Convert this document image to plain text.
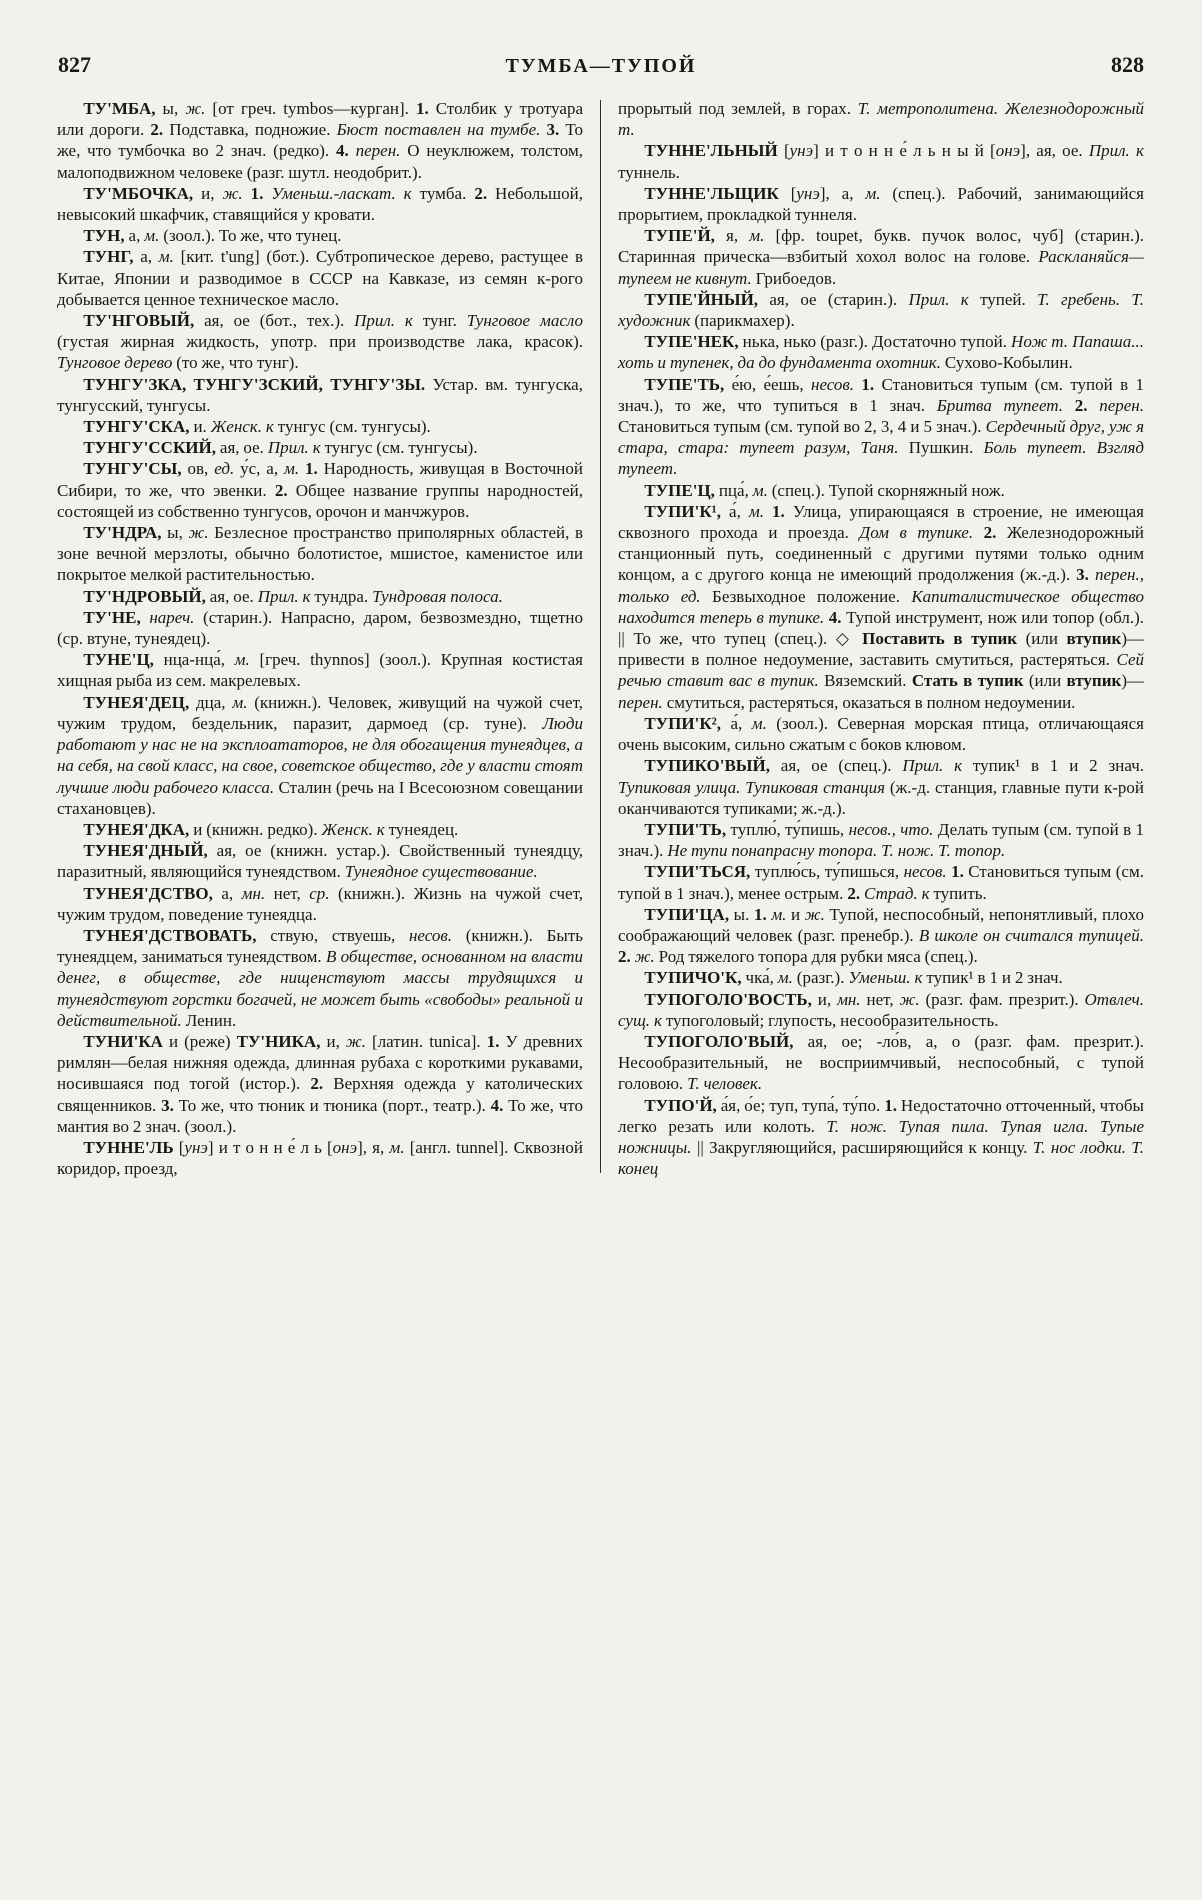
827	ТУМБА—ТУПОЙ	828

ТУ'МБА, ы, ж. [от греч. tymbos—курган]. 1. Столбик у тротуара или дороги. 2. Подставка, подножие. Бюст поставлен на тумбе. 3. То же, что тумбочка во 2 знач. (редко). 4. перен. О неуклюжем, толстом, малоподвижном человеке (разг. шутл. неодобрит.).

ТУ'МБОЧКА, и, ж. 1. Уменьш.-ласкат. к тумба. 2. Небольшой, невысокий шкафчик, ставящийся у кровати.

ТУН, а, м. (зоол.). То же, что тунец.

ТУНГ, а, м. [кит. t'ung] (бот.). Субтропическое дерево, растущее в Китае, Японии и разводимое в СССР на Кавказе, из семян к-рого добывается ценное техническое масло.

ТУ'НГОВЫЙ, ая, ое (бот., тех.). Прил. к тунг. Тунговое масло (густая жирная жидкость, употр. при производстве лака, красок). Тунговое дерево (то же, что тунг).

ТУНГУ'ЗКА, ТУНГУ'ЗСКИЙ, ТУНГУ'ЗЫ. Устар. вм. тунгуска, тунгусский, тунгусы.

ТУНГУ'СКА, и. Женск. к тунгус (см. тунгусы).

ТУНГУ'ССКИЙ, ая, ое. Прил. к тунгус (см. тунгусы).

ТУНГУ'СЫ, ов, ед. у́с, а, м. 1. Народность, живущая в Восточной Сибири, то же, что эвенки. 2. Общее название группы народностей, состоящей из собственно тунгусов, орочон и манчжуров.

ТУ'НДРА, ы, ж. Безлесное пространство приполярных областей, в зоне вечной мерзлоты, обычно болотистое, мшистое, каменистое или покрытое мелкой растительностью.

ТУ'НДРОВЫЙ, ая, ое. Прил. к тундра. Тундровая полоса.

ТУ'НЕ, нареч. (старин.). Напрасно, даром, безвозмездно, тщетно (ср. втуне, тунеядец).

ТУНЕ'Ц, нца-нца́, м. [греч. thynnos] (зоол.). Крупная костистая хищная рыба из сем. макрелевых.

ТУНЕЯ'ДЕЦ, дца, м. (книжн.). Человек, живущий на чужой счет, чужим трудом, бездельник, паразит, дармоед (ср. туне). Люди работают у нас не на эксплоататоров, не для обогащения тунеядцев, а на себя, на свой класс, на свое, советское общество, где у власти стоят лучшие люди рабочего класса. Сталин (речь на I Всесоюзном совещании стахановцев).

ТУНЕЯ'ДКА, и (книжн. редко). Женск. к тунеядец.

ТУНЕЯ'ДНЫЙ, ая, ое (книжн. устар.). Свойственный тунеядцу, паразитный, являющийся тунеядством. Тунеядное существование.

ТУНЕЯ'ДСТВО, а, мн. нет, ср. (книжн.). Жизнь на чужой счет, чужим трудом, поведение тунеядца.

ТУНЕЯ'ДСТВОВАТЬ, ствую, ствуешь, несов. (книжн.). Быть тунеядцем, заниматься тунеядством. В обществе, основанном на власти денег, в обществе, где нищенствуют массы трудящихся и тунеядствуют горстки богачей, не может быть «свободы» реальной и действительной. Ленин.

ТУНИ'КА и (реже) ТУ'НИКА, и, ж. [латин. tunica]. 1. У древних римлян—белая нижняя одежда, длинная рубаха с короткими рукавами, носившаяся под тогой (истор.). 2. Верхняя одежда у католических священников. 3. То же, что тюник и тюника (порт., театр.). 4. То же, что мантия во 2 знач. (зоол.).

ТУННЕ'ЛЬ [унэ] и т о н н е́ л ь [онэ], я, м. [англ. tunnel]. Сквозной коридор, проезд,

прорытый под землей, в горах. Т. метрополитена. Железнодорожный т.

ТУННЕ'ЛЬНЫЙ [унэ] и т о н н е́ л ь н ы й [онэ], ая, ое. Прил. к туннель.

ТУННЕ'ЛЬЩИК [унэ], а, м. (спец.). Рабочий, занимающийся прорытием, прокладкой туннеля.

ТУПЕ'Й, я, м. [фр. toupet, букв. пучок волос, чуб] (старин.). Старинная прическа—взбитый хохол волос на голове. Раскланяйся—тупеем не кивнут. Грибоедов.

ТУПЕ'ЙНЫЙ, ая, ое (старин.). Прил. к тупей. Т. гребень. Т. художник (парикмахер).

ТУПЕ'НЕК, нька, нько (разг.). Достаточно тупой. Нож т. Папаша... хоть и тупенек, да до фундамента охотник. Сухово-Кобылин.

ТУПЕ'ТЬ, е́ю, е́ешь, несов. 1. Становиться тупым (см. тупой в 1 знач.), то же, что тупиться в 1 знач. Бритва тупеет. 2. перен. Становиться тупым (см. тупой во 2, 3, 4 и 5 знач.). Сердечный друг, уж я стара, стара: тупеет разум, Таня. Пушкин. Боль тупеет. Взгляд тупеет.

ТУПЕ'Ц, пца́, м. (спец.). Тупой скорняжный нож.

ТУПИ'К¹, а́, м. 1. Улица, упирающаяся в строение, не имеющая сквозного прохода и проезда. Дом в тупике. 2. Железнодорожный станционный путь, соединенный с другими путями только одним концом, а с другого конца не имеющий продолжения (ж.-д.). 3. перен., только ед. Безвыходное положение. Капиталистическое общество находится теперь в тупике. 4. Тупой инструмент, нож или топор (обл.). || То же, что тупец (спец.). ◇ Поставить в тупик (или втупик)—привести в полное недоумение, заставить смутиться, растеряться. Сей речью ставит вас в тупик. Вяземский. Стать в тупик (или втупик)—перен. смутиться, растеряться, оказаться в полном недоумении.

ТУПИ'К², а́, м. (зоол.). Северная морская птица, отличающаяся очень высоким, сильно сжатым с боков клювом.

ТУПИКО'ВЫЙ, ая, ое (спец.). Прил. к тупик¹ в 1 и 2 знач. Тупиковая улица. Тупиковая станция (ж.-д. станция, главные пути к-рой оканчиваются тупиками; ж.-д.).

ТУПИ'ТЬ, туплю́, ту́пишь, несов., что. Делать тупым (см. тупой в 1 знач.). Не тупи понапрасну топора. Т. нож. Т. топор.

ТУПИ'ТЬСЯ, туплю́сь, ту́пишься, несов. 1. Становиться тупым (см. тупой в 1 знач.), менее острым. 2. Страд. к тупить.

ТУПИ'ЦА, ы. 1. м. и ж. Тупой, неспособный, непонятливый, плохо соображающий человек (разг. пренебр.). В школе он считался тупицей. 2. ж. Род тяжелого топора для рубки мяса (спец.).

ТУПИЧО'К, чка́, м. (разг.). Уменьш. к тупик¹ в 1 и 2 знач.

ТУПОГОЛО'ВОСТЬ, и, мн. нет, ж. (разг. фам. презрит.). Отвлеч. сущ. к тупоголовый; глупость, несообразительность.

ТУПОГОЛО'ВЫЙ, ая, ое; -ло́в, а, о (разг. фам. презрит.). Несообразительный, не восприимчивый, неспособный, с тупой головою. Т. человек.

ТУПО'Й, а́я, о́е; туп, тупа́, ту́по. 1. Недостаточно отточенный, чтобы легко резать или колоть. Т. нож. Тупая пила. Тупая игла. Тупые ножницы. || Закругляющийся, расширяющийся к концу. Т. нос лодки. Т. конец
